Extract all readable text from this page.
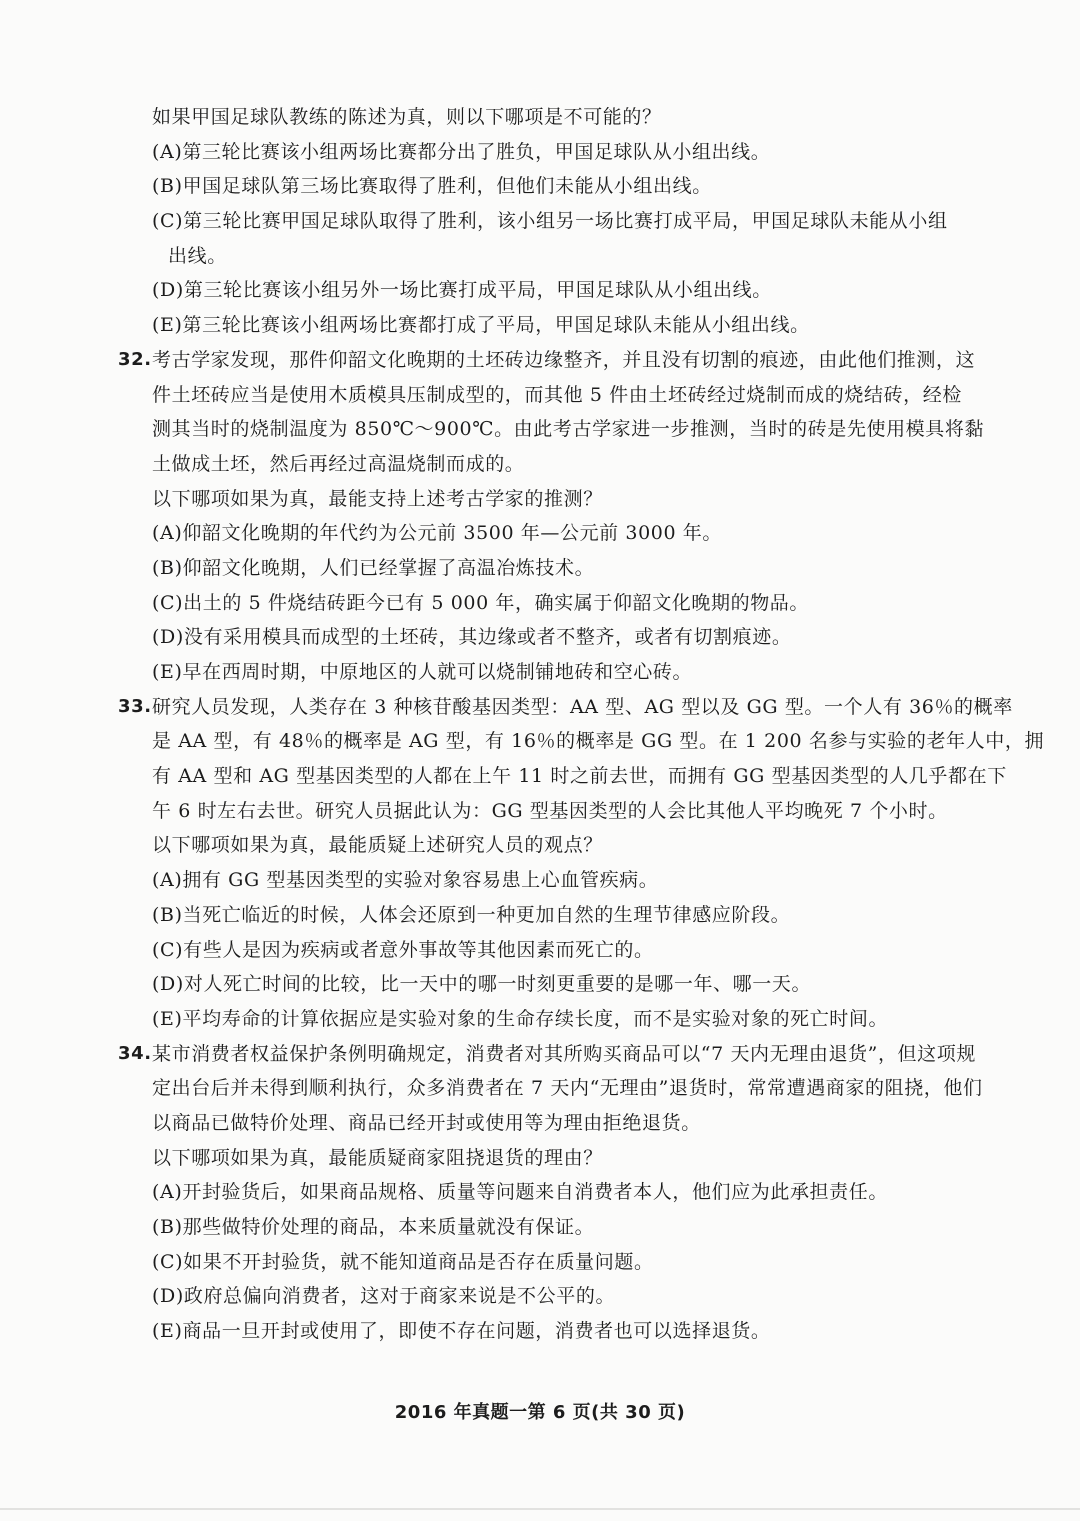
如果甲国足球队教练的陈述为真，则以下哪项是不可能的？
(A)第三轮比赛该小组两场比赛都分出了胜负，甲国足球队从小组出线。
(B)甲国足球队第三场比赛取得了胜利，但他们未能从小组出线。
(C)第三轮比赛甲国足球队取得了胜利，该小组另一场比赛打成平局，甲国足球队未能从小组
出线。
(D)第三轮比赛该小组另外一场比赛打成平局，甲国足球队从小组出线。
(E)第三轮比赛该小组两场比赛都打成了平局，甲国足球队未能从小组出线。
32. 考古学家发现，那件仰韶文化晚期的土坯砖边缘整齐，并且没有切割的痕迹，由此他们推测，这
件土坯砖应当是使用木质模具压制成型的，而其他 5 件由土坯砖经过烧制而成的烧结砖，经检
测其当时的烧制温度为 850℃～900℃。由此考古学家进一步推测，当时的砖是先使用模具将黏
土做成土坯，然后再经过高温烧制而成的。
以下哪项如果为真，最能支持上述考古学家的推测？
(A)仰韶文化晚期的年代约为公元前 3500 年—公元前 3000 年。
(B)仰韶文化晚期，人们已经掌握了高温冶炼技术。
(C)出土的 5 件烧结砖距今已有 5 000 年，确实属于仰韶文化晚期的物品。
(D)没有采用模具而成型的土坯砖，其边缘或者不整齐，或者有切割痕迹。
(E)早在西周时期，中原地区的人就可以烧制铺地砖和空心砖。
33. 研究人员发现，人类存在 3 种核苷酸基因类型：AA 型、AG 型以及 GG 型。一个人有 36％的概率
是 AA 型，有 48％的概率是 AG 型，有 16％的概率是 GG 型。在 1 200 名参与实验的老年人中，拥
有 AA 型和 AG 型基因类型的人都在上午 11 时之前去世，而拥有 GG 型基因类型的人几乎都在下
午 6 时左右去世。研究人员据此认为：GG 型基因类型的人会比其他人平均晚死 7 个小时。
以下哪项如果为真，最能质疑上述研究人员的观点？
(A)拥有 GG 型基因类型的实验对象容易患上心血管疾病。
(B)当死亡临近的时候，人体会还原到一种更加自然的生理节律感应阶段。
(C)有些人是因为疾病或者意外事故等其他因素而死亡的。
(D)对人死亡时间的比较，比一天中的哪一时刻更重要的是哪一年、哪一天。
(E)平均寿命的计算依据应是实验对象的生命存续长度，而不是实验对象的死亡时间。
34. 某市消费者权益保护条例明确规定，消费者对其所购买商品可以“7 天内无理由退货”，但这项规
定出台后并未得到顺利执行，众多消费者在 7 天内“无理由”退货时，常常遭遇商家的阻挠，他们
以商品已做特价处理、商品已经开封或使用等为理由拒绝退货。
以下哪项如果为真，最能质疑商家阻挠退货的理由？
(A)开封验货后，如果商品规格、质量等问题来自消费者本人，他们应为此承担责任。
(B)那些做特价处理的商品，本来质量就没有保证。
(C)如果不开封验货，就不能知道商品是否存在质量问题。
(D)政府总偏向消费者，这对于商家来说是不公平的。
(E)商品一旦开封或使用了，即使不存在问题，消费者也可以选择退货。
2016 年真题一第 6 页(共 30 页)
